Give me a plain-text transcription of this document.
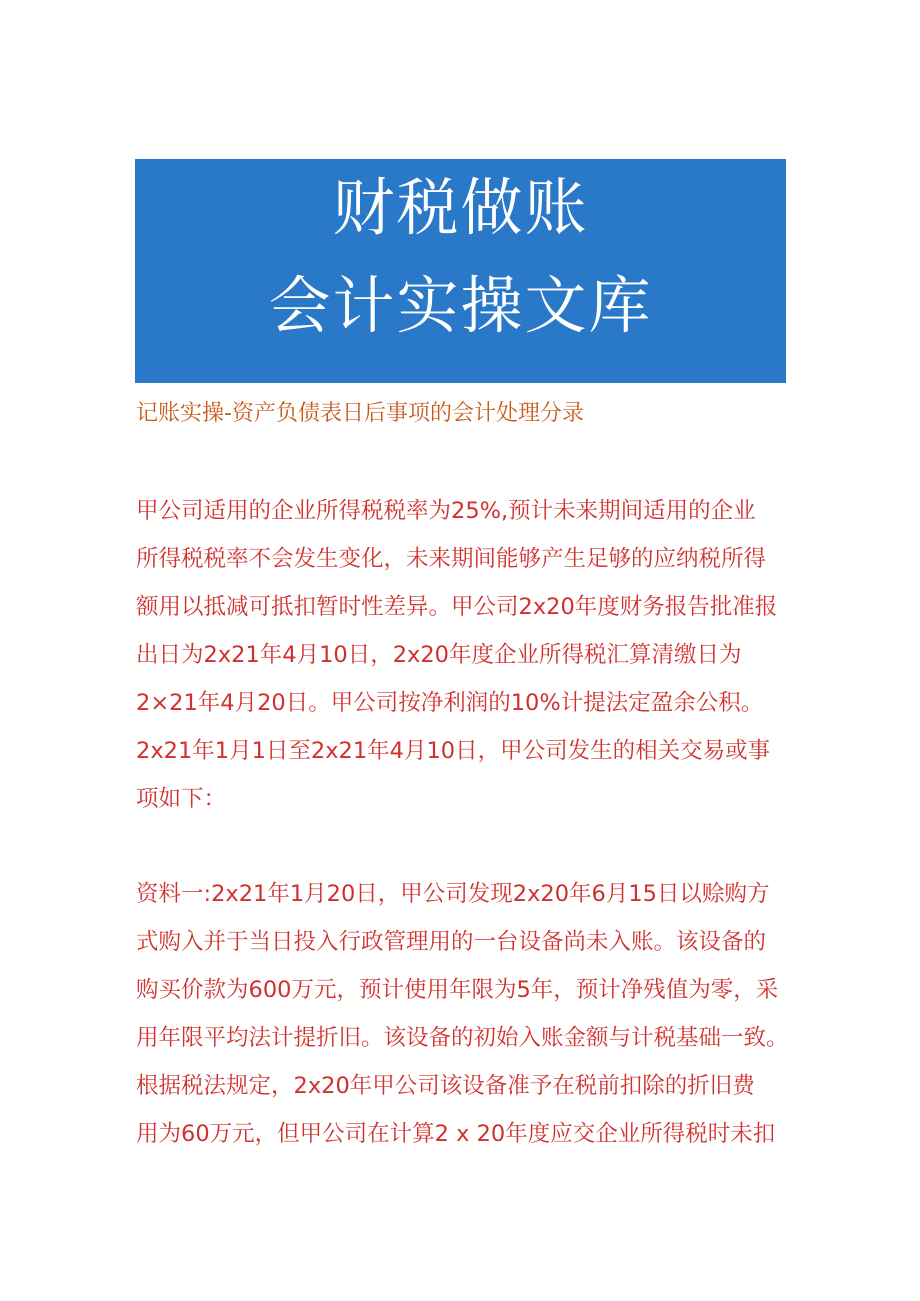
财税做账
会计实操文库
记账实操-资产负债表日后事项的会计处理分录
甲公司适用的企业所得税税率为25%,预计未来期间适用的企业
所得税税率不会发生变化，未来期间能够产生足够的应纳税所得
额用以抵减可抵扣暂时性差异。甲公司2x20年度财务报告批准报
出日为2x21年4月10日，2x20年度企业所得税汇算清缴日为
2×21年4月20日。甲公司按净利润的10%计提法定盈余公积。
2x21年1月1日至2x21年4月10日，甲公司发生的相关交易或事
项如下：
资料一:2x21年1月20日，甲公司发现2x20年6月15日以赊购方
式购入并于当日投入行政管理用的一台设备尚未入账。该设备的
购买价款为600万元，预计使用年限为5年，预计净残值为零，采
用年限平均法计提折旧。该设备的初始入账金额与计税基础一致。
根据税法规定，2x20年甲公司该设备准予在税前扣除的折旧费
用为60万元，但甲公司在计算2 x 20年度应交企业所得税时未扣
